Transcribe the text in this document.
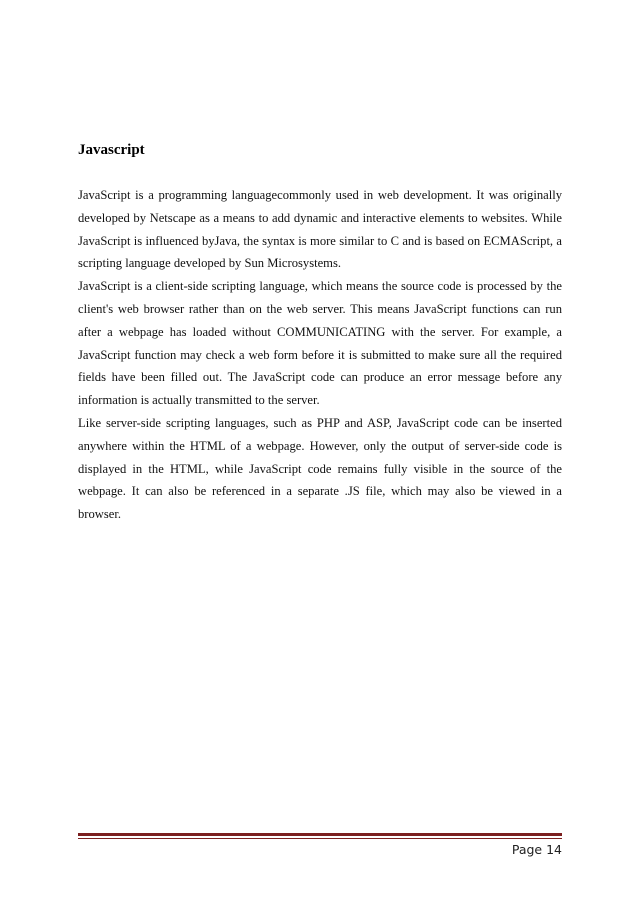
Javascript

JavaScript is a programming languagecommonly used in web development. It was originally developed by Netscape as a means to add dynamic and interactive elements to websites. While JavaScript is influenced byJava, the syntax is more similar to C and is based on ECMAScript, a scripting language developed by Sun Microsystems.

JavaScript is a client-side scripting language, which means the source code is processed by the client's web browser rather than on the web server. This means JavaScript functions can run after a webpage has loaded without COMMUNICATING with the server. For example, a JavaScript function may check a web form before it is submitted to make sure all the required fields have been filled out. The JavaScript code can produce an error message before any information is actually transmitted to the server.

Like server-side scripting languages, such as PHP and ASP, JavaScript code can be inserted anywhere within the HTML of a webpage. However, only the output of server-side code is displayed in the HTML, while JavaScript code remains fully visible in the source of the webpage. It can also be referenced in a separate .JS file, which may also be viewed in a browser.

Page 14
